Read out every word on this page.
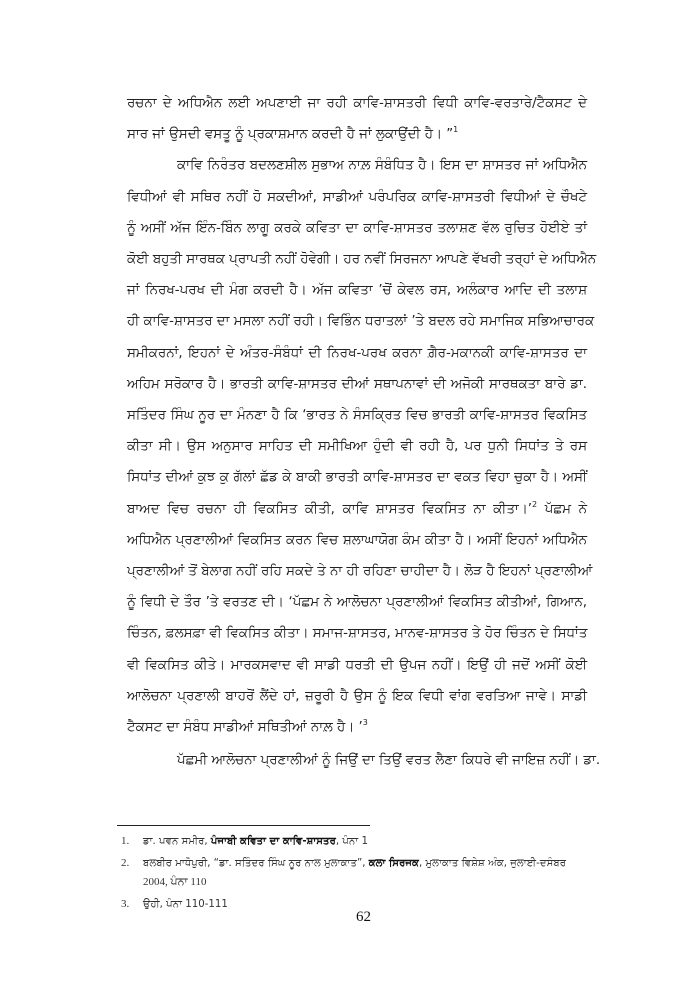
ਰਚਨਾ ਦੇ ਅਧਿਐਨ ਲਈ ਅਪਣਾਈ ਜਾ ਰਹੀ ਕਾਵਿ-ਸ਼ਾਸਤਰੀ ਵਿਧੀ ਕਾਵਿ-ਵਰਤਾਰੇ/ਟੈਕਸਟ ਦੇ
ਸਾਰ ਜਾਂ ਉਸਦੀ ਵਸਤੂ ਨੂੰ ਪ੍ਰਕਾਸ਼ਮਾਨ ਕਰਦੀ ਹੈ ਜਾਂ ਲੁਕਾਉਂਦੀ ਹੈ। ”$^1$

ਕਾਵਿ ਨਿਰੰਤਰ ਬਦਲਣਸ਼ੀਲ ਸੁਭਾਅ ਨਾਲ਼ ਸੰਬੰਧਿਤ ਹੈ। ਇਸ ਦਾ ਸ਼ਾਸਤਰ ਜਾਂ ਅਧਿਐਨ
ਵਿਧੀਆਂ ਵੀ ਸਥਿਰ ਨਹੀਂ ਹੋ ਸਕਦੀਆਂ, ਸਾਡੀਆਂ ਪਰੰਪਰਿਕ ਕਾਵਿ-ਸ਼ਾਸਤਰੀ ਵਿਧੀਆਂ ਦੇ ਚੌਖਟੇ
ਨੂੰ ਅਸੀਂ ਅੱਜ ਇੰਨ-ਬਿੰਨ ਲਾਗੂ ਕਰਕੇ ਕਵਿਤਾ ਦਾ ਕਾਵਿ-ਸ਼ਾਸਤਰ ਤਲਾਸ਼ਣ ਵੱਲ ਰੁਚਿਤ ਹੋਈਏ ਤਾਂ
ਕੋਈ ਬਹੁਤੀ ਸਾਰਥਕ ਪ੍ਰਾਪਤੀ ਨਹੀਂ ਹੋਵੇਗੀ। ਹਰ ਨਵੀਂ ਸਿਰਜਨਾ ਆਪਣੇ ਵੱਖਰੀ ਤਰ੍ਹਾਂ ਦੇ ਅਧਿਐਨ
ਜਾਂ ਨਿਰਖ-ਪਰਖ ਦੀ ਮੰਗ ਕਰਦੀ ਹੈ। ਅੱਜ ਕਵਿਤਾ ’ਚੋਂ ਕੇਵਲ ਰਸ, ਅਲੰਕਾਰ ਆਦਿ ਦੀ ਤਲਾਸ਼
ਹੀ ਕਾਵਿ-ਸ਼ਾਸਤਰ ਦਾ ਮਸਲਾ ਨਹੀਂ ਰਹੀ। ਵਿਭਿੰਨ ਧਰਾਤਲਾਂ ’ਤੇ ਬਦਲ ਰਹੇ ਸਮਾਜਿਕ ਸਭਿਆਚਾਰਕ
ਸਮੀਕਰਨਾਂ, ਇਹਨਾਂ ਦੇ ਅੰਤਰ-ਸੰਬੰਧਾਂ ਦੀ ਨਿਰਖ-ਪਰਖ ਕਰਨਾ ਗ਼ੈਰ-ਮਕਾਨਕੀ ਕਾਵਿ-ਸ਼ਾਸਤਰ ਦਾ
ਅਹਿਮ ਸਰੋਕਾਰ ਹੈ। ਭਾਰਤੀ ਕਾਵਿ-ਸ਼ਾਸਤਰ ਦੀਆਂ ਸਥਾਪਨਾਵਾਂ ਦੀ ਅਜੋਕੀ ਸਾਰਥਕਤਾ ਬਾਰੇ ਡਾ.
ਸਤਿੰਦਰ ਸਿੰਘ ਨੂਰ ਦਾ ਮੰਨਣਾ ਹੈ ਕਿ ‘ਭਾਰਤ ਨੇ ਸੰਸਕ੍ਰਿਤ ਵਿਚ ਭਾਰਤੀ ਕਾਵਿ-ਸ਼ਾਸਤਰ ਵਿਕਸਿਤ
ਕੀਤਾ ਸੀ। ਉਸ ਅਨੁਸਾਰ ਸਾਹਿਤ ਦੀ ਸਮੀਖਿਆ ਹੁੰਦੀ ਵੀ ਰਹੀ ਹੈ, ਪਰ ਧੁਨੀ ਸਿਧਾਂਤ ਤੇ ਰਸ
ਸਿਧਾਂਤ ਦੀਆਂ ਕੁਝ ਕੁ ਗੱਲਾਂ ਛੱਡ ਕੇ ਬਾਕੀ ਭਾਰਤੀ ਕਾਵਿ-ਸ਼ਾਸਤਰ ਦਾ ਵਕਤ ਵਿਹਾ ਚੁਕਾ ਹੈ। ਅਸੀਂ
ਬਾਅਦ ਵਿਚ ਰਚਨਾ ਹੀ ਵਿਕਸਿਤ ਕੀਤੀ, ਕਾਵਿ ਸ਼ਾਸਤਰ ਵਿਕਸਿਤ ਨਾ ਕੀਤਾ।’$^2$ ਪੱਛਮ ਨੇ
ਅਧਿਐਨ ਪ੍ਰਣਾਲੀਆਂ ਵਿਕਸਿਤ ਕਰਨ ਵਿਚ ਸ਼ਲਾਘਾਯੋਗ ਕੰਮ ਕੀਤਾ ਹੈ। ਅਸੀਂ ਇਹਨਾਂ ਅਧਿਐਨ
ਪ੍ਰਣਾਲੀਆਂ ਤੋਂ ਬੇਲਾਗ ਨਹੀਂ ਰਹਿ ਸਕਦੇ ਤੇ ਨਾ ਹੀ ਰਹਿਣਾ ਚਾਹੀਦਾ ਹੈ। ਲੋੜ ਹੈ ਇਹਨਾਂ ਪ੍ਰਣਾਲੀਆਂ
ਨੂੰ ਵਿਧੀ ਦੇ ਤੌਰ ’ਤੇ ਵਰਤਣ ਦੀ। ‘ਪੱਛਮ ਨੇ ਆਲੋਚਨਾ ਪ੍ਰਣਾਲੀਆਂ ਵਿਕਸਿਤ ਕੀਤੀਆਂ, ਗਿਆਨ,
ਚਿੰਤਨ, ਫ਼ਲਸਫ਼ਾ ਵੀ ਵਿਕਸਿਤ ਕੀਤਾ। ਸਮਾਜ-ਸ਼ਾਸਤਰ, ਮਾਨਵ-ਸ਼ਾਸਤਰ ਤੇ ਹੋਰ ਚਿੰਤਨ ਦੇ ਸਿਧਾਂਤ
ਵੀ ਵਿਕਸਿਤ ਕੀਤੇ। ਮਾਰਕਸਵਾਦ ਵੀ ਸਾਡੀ ਧਰਤੀ ਦੀ ਉਪਜ ਨਹੀਂ। ਇਉਂ ਹੀ ਜਦੋਂ ਅਸੀਂ ਕੋਈ
ਆਲੋਚਨਾ ਪ੍ਰਣਾਲੀ ਬਾਹਰੋਂ ਲੈਂਦੇ ਹਾਂ, ਜ਼ਰੂਰੀ ਹੈ ਉਸ ਨੂੰ ਇਕ ਵਿਧੀ ਵਾਂਗ ਵਰਤਿਆ ਜਾਵੇ। ਸਾਡੀ
ਟੈਕਸਟ ਦਾ ਸੰਬੰਧ ਸਾਡੀਆਂ ਸਥਿਤੀਆਂ ਨਾਲ਼ ਹੈ। ’$^3$

ਪੱਛਮੀ ਆਲੋਚਨਾ ਪ੍ਰਣਾਲੀਆਂ ਨੂੰ ਜਿਉਂ ਦਾ ਤਿਉਂ ਵਰਤ ਲੈਣਾ ਕਿਧਰੇ ਵੀ ਜਾਇਜ਼ ਨਹੀਂ। ਡਾ.

1.	ਡਾ. ਪਵਨ ਸਮੀਰ, ਪੰਜਾਬੀ ਕਵਿਤਾ ਦਾ ਕਾਵਿ-ਸ਼ਾਸਤਰ, ਪੰਨਾ 1
2.	ਬਲਬੀਰ ਮਾਧੋਪੁਰੀ, “ਡਾ. ਸਤਿੰਦਰ ਸਿੰਘ ਨੂਰ ਨਾਲ ਮੁਲਾਕਾਤ”, ਕਲਾ ਸਿਰਜਕ, ਮੁਲਾਕਾਤ ਵਿਸ਼ੇਸ਼ ਅੰਕ, ਜੁਲਾਈ-ਦਸੰਬਰ
2004, ਪੰਨਾ 110
3.	ਉਹੀ, ਪੰਨਾ 110-111
62
